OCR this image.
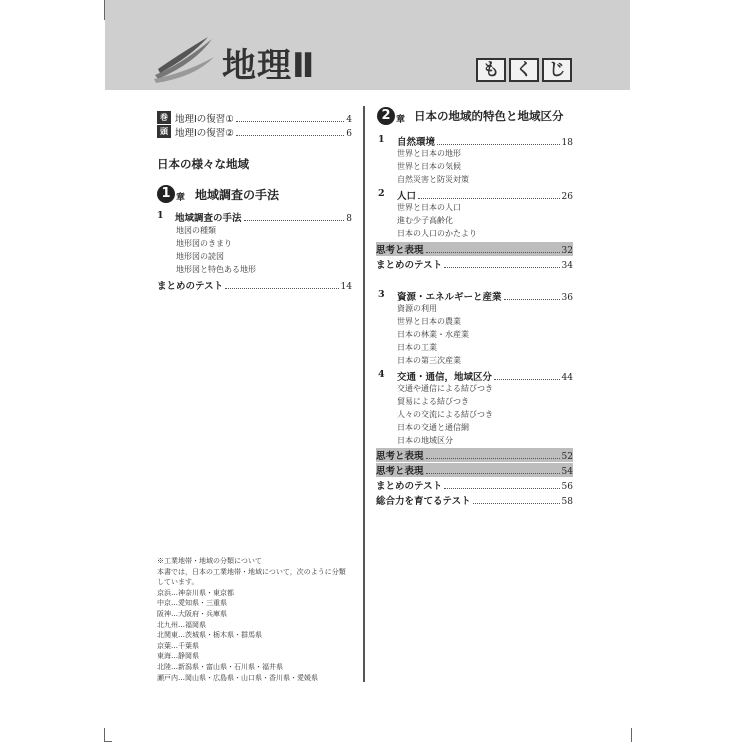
地理Ⅱ	も く じ
巻
頭
地理Ⅰの復習①	4
地理Ⅰの復習②	6
日本の様々な地域
1 章 地域調査の手法
1 地域調査の手法	8
地図の種類
地形図のきまり
地形図の読図
地形図と特色ある地形
まとめのテスト	14
※工業地帯・地域の分類について
本書では，日本の工業地帯・地域について，次のように分類
しています。
京浜…神奈川県・東京都
中京…愛知県・三重県
阪神…大阪府・兵庫県
北九州…福岡県
北関東…茨城県・栃木県・群馬県
京葉…千葉県
東海…静岡県
北陸…新潟県・富山県・石川県・福井県
瀬戸内…岡山県・広島県・山口県・香川県・愛媛県
2 章 日本の地域的特色と地域区分
1 自然環境	18
世界と日本の地形
世界と日本の気候
自然災害と防災対策
2 人口	26
世界と日本の人口
進む少子高齢化
日本の人口のかたより
思考と表現	32
まとめのテスト	34
3 資源・エネルギーと産業	36
資源の利用
世界と日本の農業
日本の林業・水産業
日本の工業
日本の第三次産業
4 交通・通信，地域区分	44
交通や通信による結びつき
貿易による結びつき
人々の交流による結びつき
日本の交通と通信網
日本の地域区分
思考と表現	52
思考と表現	54
まとめのテスト	56
総合力を育てるテスト	58
